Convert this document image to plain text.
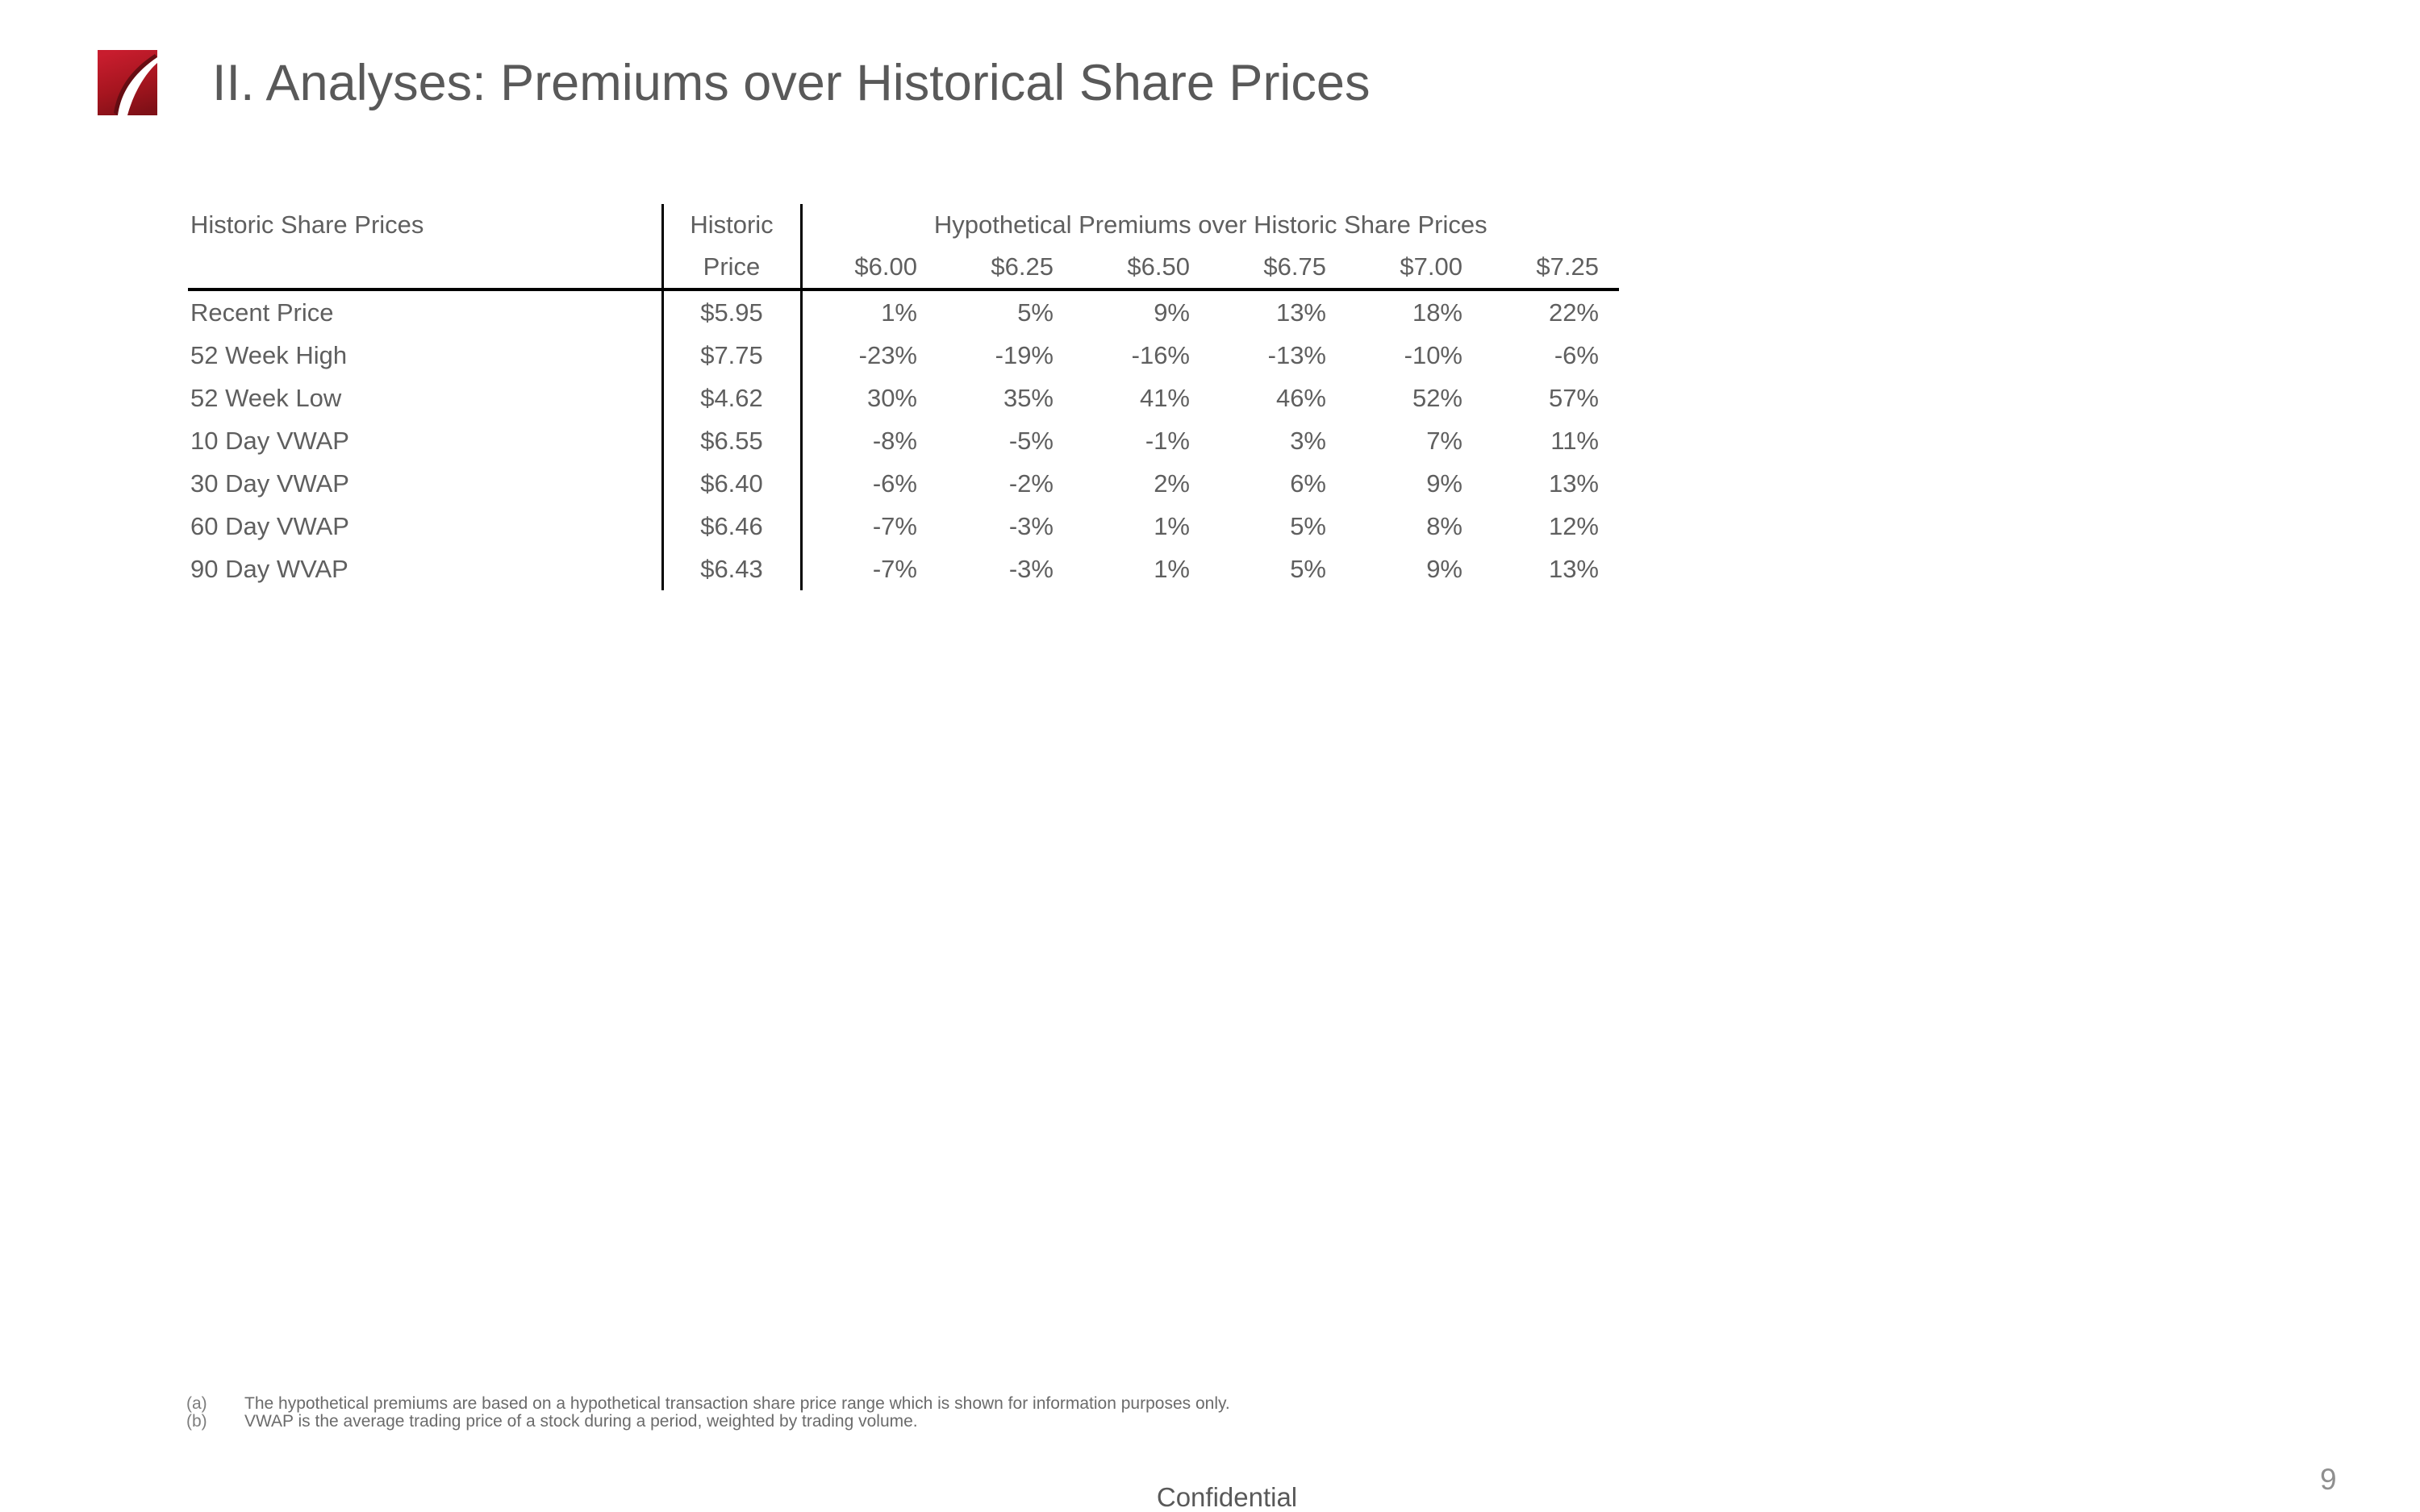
II. Analyses: Premiums over Historical Share Prices
Historic Share Prices	Historic	Hypothetical Premiums over Historic Share Prices					
	Price	$6.00	$6.25	$6.50	$6.75	$7.00	$7.25
Recent Price	$5.95	1%	5%	9%	13%	18%	22%
52 Week High	$7.75	-23%	-19%	-16%	-13%	-10%	-6%
52 Week Low	$4.62	30%	35%	41%	46%	52%	57%
10 Day VWAP	$6.55	-8%	-5%	-1%	3%	7%	11%
30 Day VWAP	$6.40	-6%	-2%	2%	6%	9%	13%
60 Day VWAP	$6.46	-7%	-3%	1%	5%	8%	12%
90 Day WVAP	$6.43	-7%	-3%	1%	5%	9%	13%
(a)	The hypothetical premiums are based on a hypothetical transaction share price range which is shown for information purposes only.
(b)	VWAP is the average trading price of a stock during a period, weighted by trading volume.
Confidential
9
